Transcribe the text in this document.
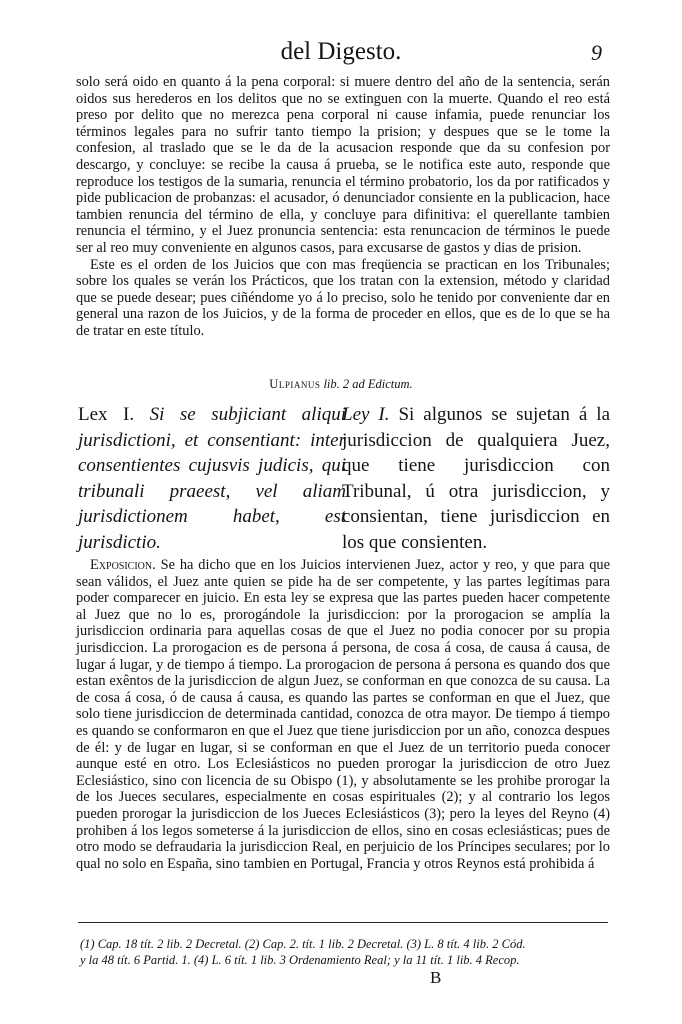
del Digesto.	9

solo será oido en quanto á la pena corporal: si muere dentro del año de la sentencia, serán oidos sus herederos en los delitos que no se extinguen con la muerte. Quando el reo está preso por delito que no merezca pena corporal ni cause infamia, puede renunciar los términos legales para no sufrir tanto tiempo la prision; y despues que se le tome la confesion, al traslado que se le da de la acusacion responde que da su confesion por descargo, y concluye: se recibe la causa á prueba, se le notifica este auto, responde que reproduce los testigos de la sumaria, renuncia el término probatorio, los da por ratificados y pide publicacion de probanzas: el acusador, ó denunciador consiente en la publicacion, hace tambien renuncia del término de ella, y concluye para difinitiva: el querellante tambien renuncia el término, y el Juez pronuncia sentencia: esta renuncacion de términos le puede ser al reo muy conveniente en algunos casos, para excusarse de gastos y dias de prision.

Este es el orden de los Juicios que con mas freqüencia se practican en los Tribunales; sobre los quales se verán los Prácticos, que los tratan con la extension, método y claridad que se puede desear; pues ciñéndome yo á lo preciso, solo he tenido por conveniente dar en general una razon de los Juicios, y de la forma de proceder en ellos, que es de lo que se ha de tratar en este título.

Ulpianus lib. 2 ad Edictum.
Lex I. Si se subjiciant aliqui jurisdictioni, et consentiant: inter consentientes cujusvis judicis, qui tribunali praeest, vel aliam jurisdictionem habet, est jurisdictio.
Ley I. Si algunos se sujetan á la jurisdiccion de qualquiera Juez, que tiene jurisdiccion con Tribunal, ú otra jurisdiccion, y consientan, tiene jurisdiccion en los que consienten.

Exposicion. Se ha dicho que en los Juicios intervienen Juez, actor y reo, y que para que sean válidos, el Juez ante quien se pide ha de ser competente, y las partes legítimas para poder comparecer en juicio. En esta ley se expresa que las partes pueden hacer competente al Juez que no lo es, prorogándole la jurisdiccion: por la prorogacion se amplía la jurisdiccion ordinaria para aquellas cosas de que el Juez no podia conocer por su propia jurisdiccion. La prorogacion es de persona á persona, de cosa á cosa, de causa á causa, de lugar á lugar, y de tiempo á tiempo. La prorogacion de persona á persona es quando dos que estan exêntos de la jurisdiccion de algun Juez, se conforman en que conozca de su causa. La de cosa á cosa, ó de causa á causa, es quando las partes se conforman en que el Juez, que solo tiene jurisdiccion de determinada cantidad, conozca de otra mayor. De tiempo á tiempo es quando se conformaron en que el Juez que tiene jurisdiccion por un año, conozca despues de él: y de lugar en lugar, si se conforman en que el Juez de un territorio pueda conocer aunque esté en otro. Los Eclesiásticos no pueden prorogar la jurisdiccion de otro Juez Eclesiástico, sino con licencia de su Obispo (1), y absolutamente se les prohibe prorogar la de los Jueces seculares, especialmente en cosas espirituales (2); y al contrario los legos pueden prorogar la jurisdiccion de los Jueces Eclesiásticos (3); pero la leyes del Reyno (4) prohiben á los legos someterse á la jurisdiccion de ellos, sino en cosas eclesiásticas; pues de otro modo se defraudaria la jurisdiccion Real, en perjuicio de los Príncipes seculares; por lo qual no solo en España, sino tambien en Portugal, Francia y otros Reynos está prohibida á

(1) Cap. 18 tít. 2 lib. 2 Decretal. (2) Cap. 2. tít. 1 lib. 2 Decretal. (3) L. 8 tít. 4 lib. 2 Cód.
y la 48 tít. 6 Partid. 1. (4) L. 6 tít. 1 lib. 3 Ordenamiento Real; y la 11 tít. 1 lib. 4 Recop.
B
